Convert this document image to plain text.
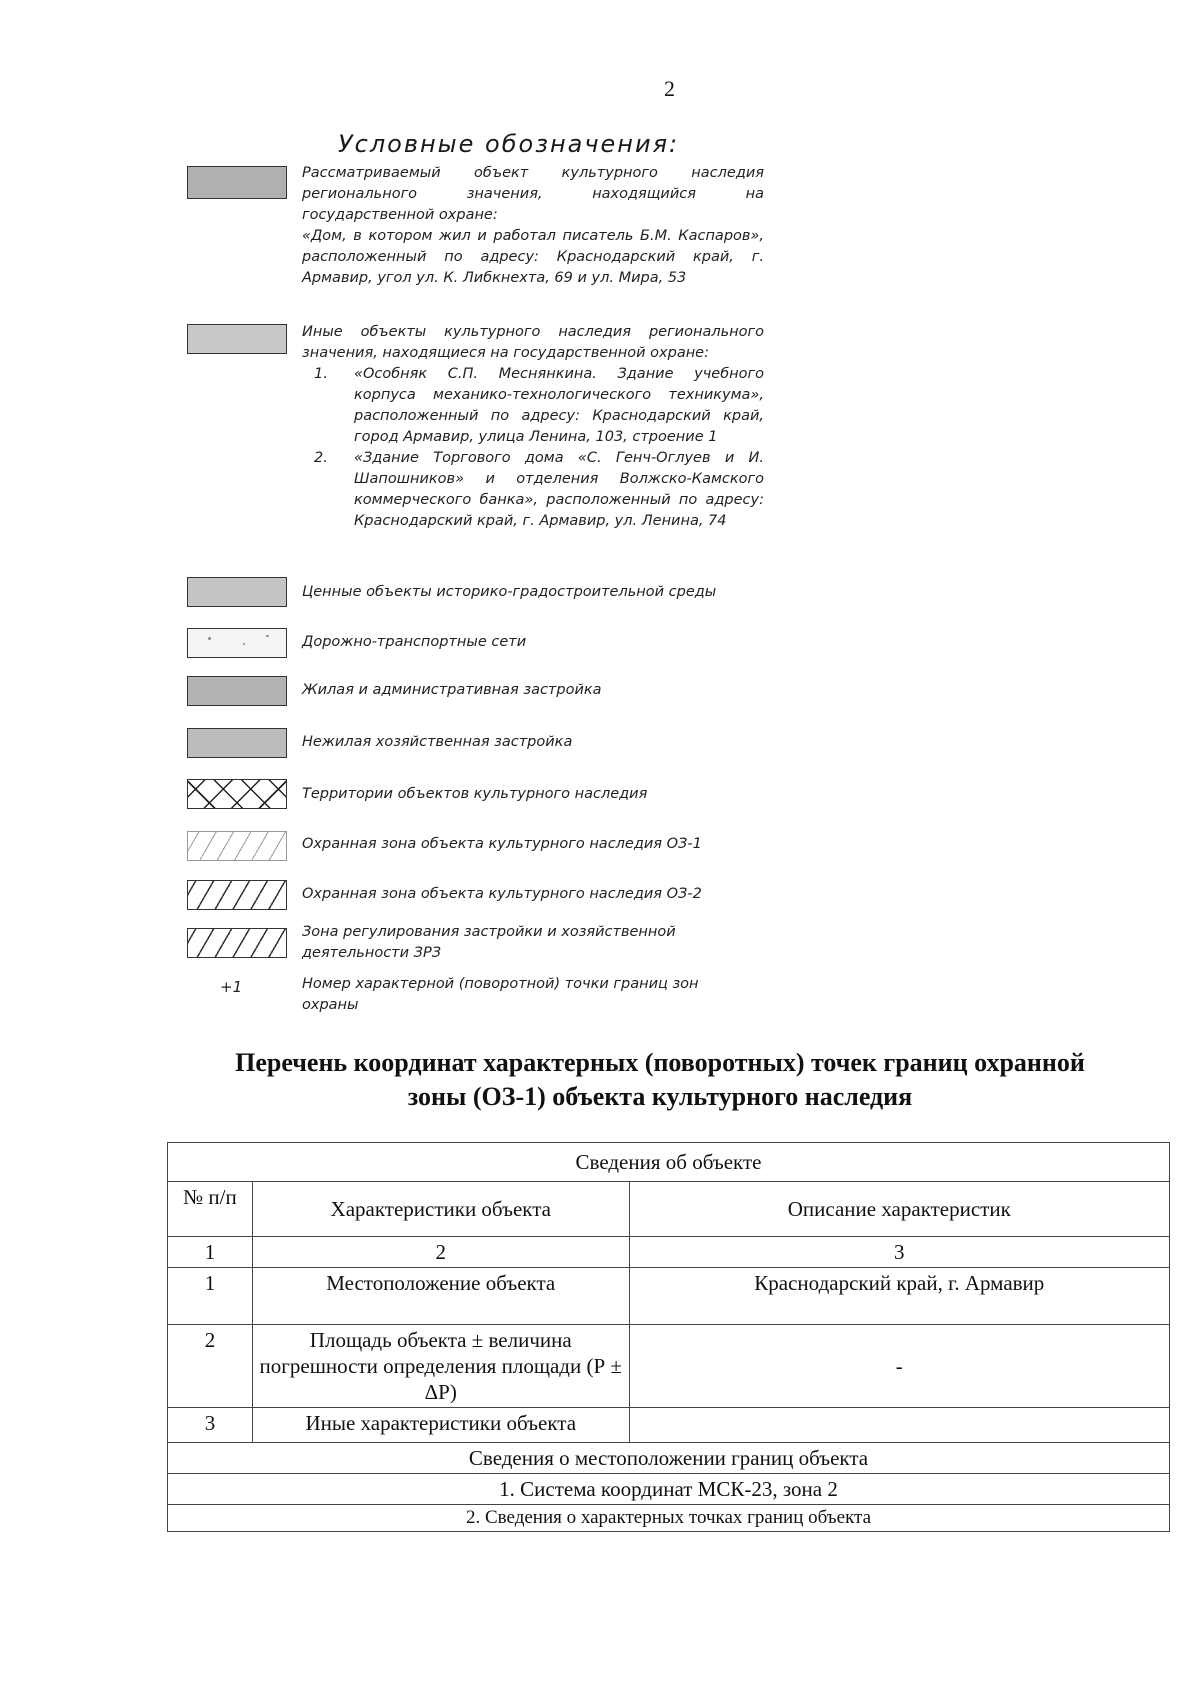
2
Условные обозначения:
Рассматриваемый объект культурного наследия регионального значения, находящийся на государственной охране:
«Дом, в котором жил и работал писатель Б.М. Каспаров», расположенный по адресу: Краснодарский край, г. Армавир, угол ул. К. Либкнехта, 69 и ул. Мира, 53
Иные объекты культурного наследия регионального значения, находящиеся на государственной охране:
1. «Особняк С.П. Меснянкина. Здание учебного корпуса механико-технологического техникума», расположенный по адресу: Краснодарский край, город Армавир, улица Ленина, 103, строение 1
2. «Здание Торгового дома «С. Генч-Оглуев и И. Шапошников» и отделения Волжско-Камского коммерческого банка», расположенный по адресу: Краснодарский край, г. Армавир, ул. Ленина, 74
Ценные объекты историко-градостроительной среды
Дорожно-транспортные сети
Жилая и административная застройка
Нежилая хозяйственная застройка
Территории объектов культурного наследия
Охранная зона объекта культурного наследия ОЗ-1
Охранная зона объекта культурного наследия ОЗ-2
Зона регулирования застройки и хозяйственной деятельности ЗРЗ
+1	Номер характерной (поворотной) точки границ зон охраны
Перечень координат характерных (поворотных) точек границ охранной
зоны (ОЗ-1) объекта культурного наследия
Сведения об объекте		
№ п/п	Характеристики объекта	Описание характеристик
1	2	3
1	Местоположение объекта	Краснодарский край, г. Армавир
2	Площадь объекта ± величина погрешности определения площади (Р ± ΔР)	-
3	Иные характеристики объекта	
Сведения о местоположении границ объекта		
1. Система координат МСК-23, зона 2		
2. Сведения о характерных точках границ объекта		
